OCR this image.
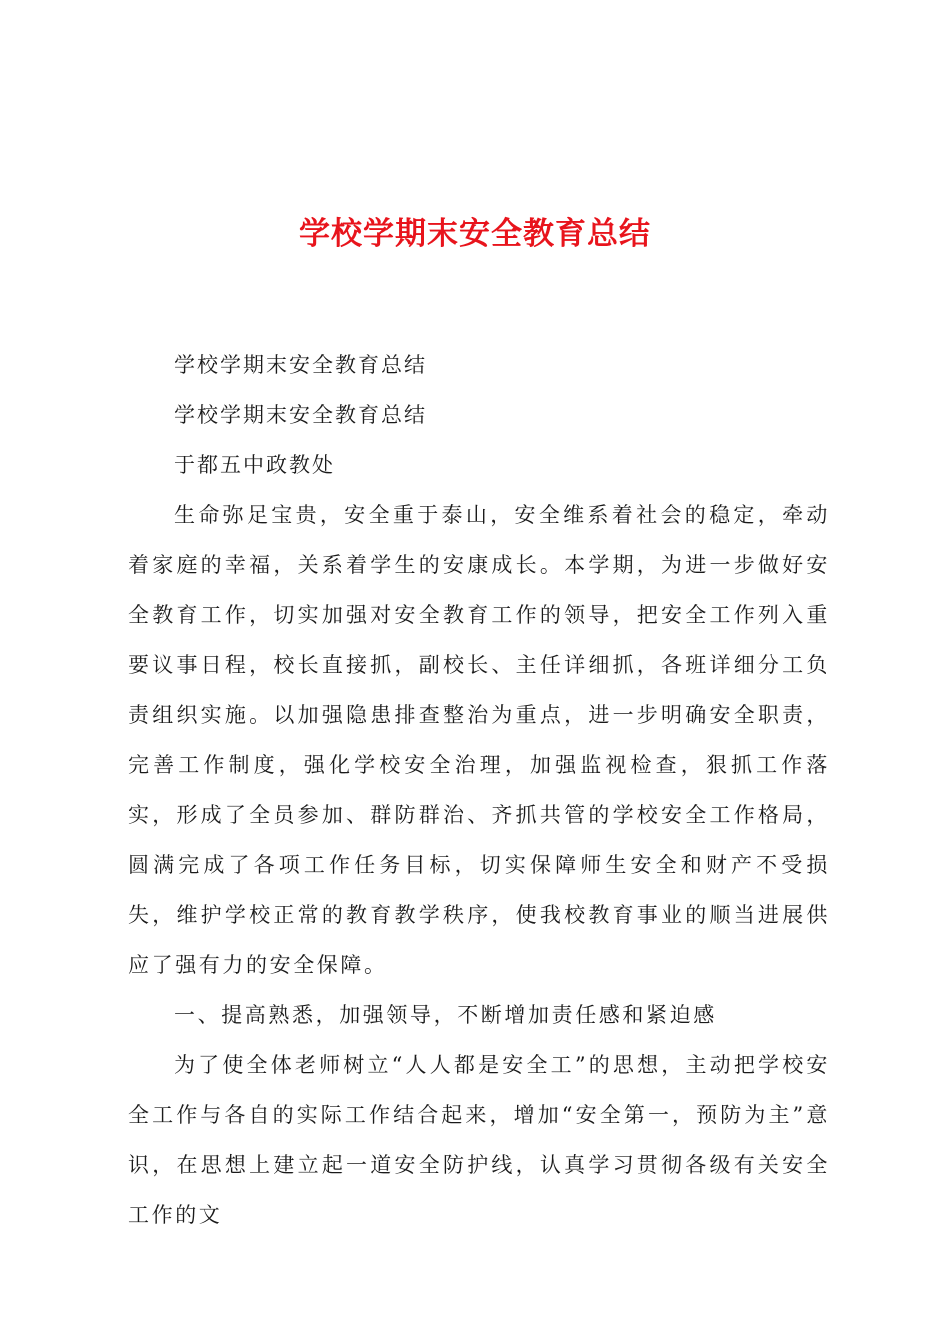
学校学期末安全教育总结

学校学期末安全教育总结

学校学期末安全教育总结

于都五中政教处

生命弥足宝贵，安全重于泰山，安全维系着社会的稳定，牵动着家庭的幸福，关系着学生的安康成长。本学期，为进一步做好安全教育工作，切实加强对安全教育工作的领导，把安全工作列入重要议事日程，校长直接抓，副校长、主任详细抓，各班详细分工负责组织实施。以加强隐患排查整治为重点，进一步明确安全职责，完善工作制度，强化学校安全治理，加强监视检查，狠抓工作落实，形成了全员参加、群防群治、齐抓共管的学校安全工作格局，圆满完成了各项工作任务目标，切实保障师生安全和财产不受损失，维护学校正常的教育教学秩序，使我校教育事业的顺当进展供应了强有力的安全保障。

一、提高熟悉，加强领导，不断增加责任感和紧迫感

为了使全体老师树立“人人都是安全工”的思想，主动把学校安全工作与各自的实际工作结合起来，增加“安全第一，预防为主”意识，在思想上建立起一道安全防护线，认真学习贯彻各级有关安全工作的文
